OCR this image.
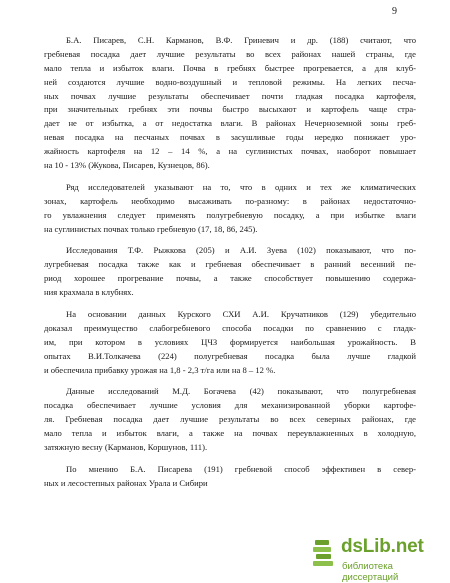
9
Б.А. Писарев, С.Н. Карманов, В.Ф. Гриневич и др. (188) считают, что
гребневая посадка дает лучшие результаты во всех районах нашей страны, где
мало тепла и избыток влаги. Почва в гребнях быстрее прогревается, а для клуб-
ней создаются лучшие водно-воздушный и тепловой режимы. На легких песча-
ных почвах лучшие результаты обеспечивает почти гладкая посадка картофеля,
при значительных гребнях эти почвы быстро высыхают и картофель чаще стра-
дает не от избытка, а от недостатка влаги. В районах Нечерноземной зоны греб-
невая посадка на песчаных почвах в засушливые годы нередко понижает уро-
жайность картофеля на 12 – 14 %, а на суглинистых почвах, наоборот повышает
на 10 - 13% (Жукова, Писарев, Кузнецов, 86).
Ряд исследователей указывают на то, что в одних и тех же климатических
зонах, картофель необходимо высаживать по-разному: в районах недостаточно-
го увлажнения следует применять полугребневую посадку, а при избытке влаги
на суглинистых почвах только гребневую (17, 18, 86, 245).
Исследования Т.Ф. Рыжкова (205) и А.И. Зуева (102) показывают, что по-
лугребневая посадка также как и гребневая обеспечивает в ранний весенний пе-
риод хорошее прогревание почвы, а также способствует повышению содержа-
ния крахмала в клубнях.
На основании данных Курского СХИ А.И. Кручатников (129) убедительно
доказал преимущество слабогребневого способа посадки по сравнению с гладк-
им, при котором в условиях ЦЧЗ формируется наибольшая урожайность. В
опытах В.И.Толкачева (224) полугребневая посадка была лучше гладкой
и обеспечила прибавку урожая на 1,8 - 2,3 т/га или на 8 – 12 %.
Данные исследований М.Д. Богачева (42) показывают, что полугребневая
посадка обеспечивает лучшие условия для механизированной уборки картофе-
ля. Гребневая посадка дает лучшие результаты во всех северных районах, где
мало тепла и избыток влаги, а также на почвах переувлажненных в холодную,
затяжную весну (Карманов, Коршунов, 111).
По мнению Б.А. Писарева (191) гребневой способ эффективен в север-
ных и лесостепных районах Урала и Сибири
dsLib.net
библиотека диссертаций
